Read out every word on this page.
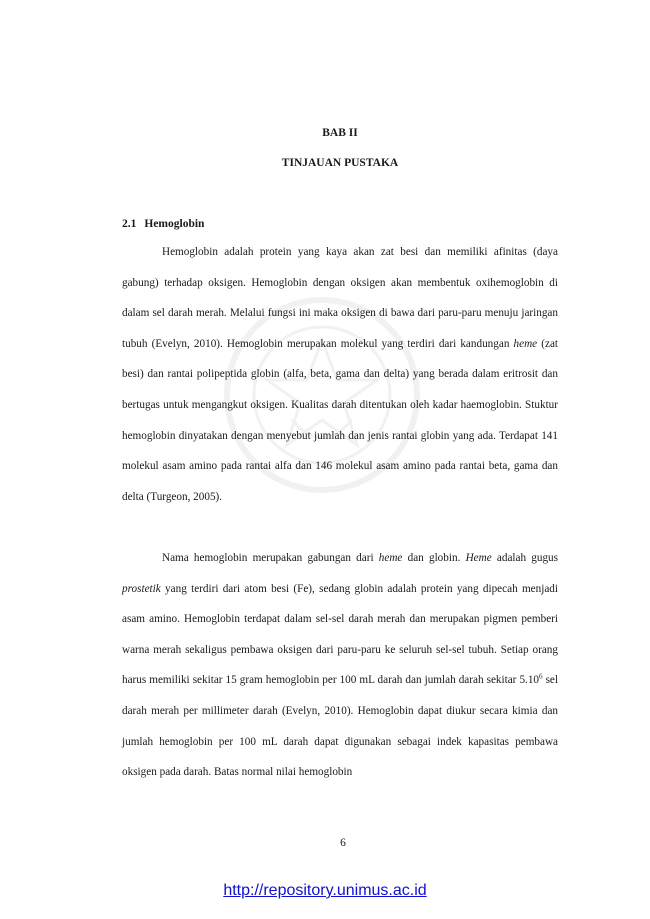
BAB II
TINJAUAN PUSTAKA
2.1 Hemoglobin

Hemoglobin adalah protein yang kaya akan zat besi dan memiliki afinitas (daya gabung) terhadap oksigen. Hemoglobin dengan oksigen akan membentuk oxihemoglobin di dalam sel darah merah. Melalui fungsi ini maka oksigen di bawa dari paru-paru menuju jaringan tubuh (Evelyn, 2010). Hemoglobin merupakan molekul yang terdiri dari kandungan heme (zat besi) dan rantai polipeptida globin (alfa, beta, gama dan delta) yang berada dalam eritrosit dan bertugas untuk mengangkut oksigen. Kualitas darah ditentukan oleh kadar haemoglobin. Stuktur hemoglobin dinyatakan dengan menyebut jumlah dan jenis rantai globin yang ada. Terdapat 141 molekul asam amino pada rantai alfa dan 146 molekul asam amino pada rantai beta, gama dan delta (Turgeon, 2005).

Nama hemoglobin merupakan gabungan dari heme dan globin. Heme adalah gugus prostetik yang terdiri dari atom besi (Fe), sedang globin adalah protein yang dipecah menjadi asam amino. Hemoglobin terdapat dalam sel-sel darah merah dan merupakan pigmen pemberi warna merah sekaligus pembawa oksigen dari paru-paru ke seluruh sel-sel tubuh. Setiap orang harus memiliki sekitar 15 gram hemoglobin per 100 mL darah dan jumlah darah sekitar 5.10$^6$ sel darah merah per millimeter darah (Evelyn, 2010). Hemoglobin dapat diukur secara kimia dan jumlah hemoglobin per 100 mL darah dapat digunakan sebagai indek kapasitas pembawa oksigen pada darah. Batas normal nilai hemoglobin

6
http://repository.unimus.ac.id
